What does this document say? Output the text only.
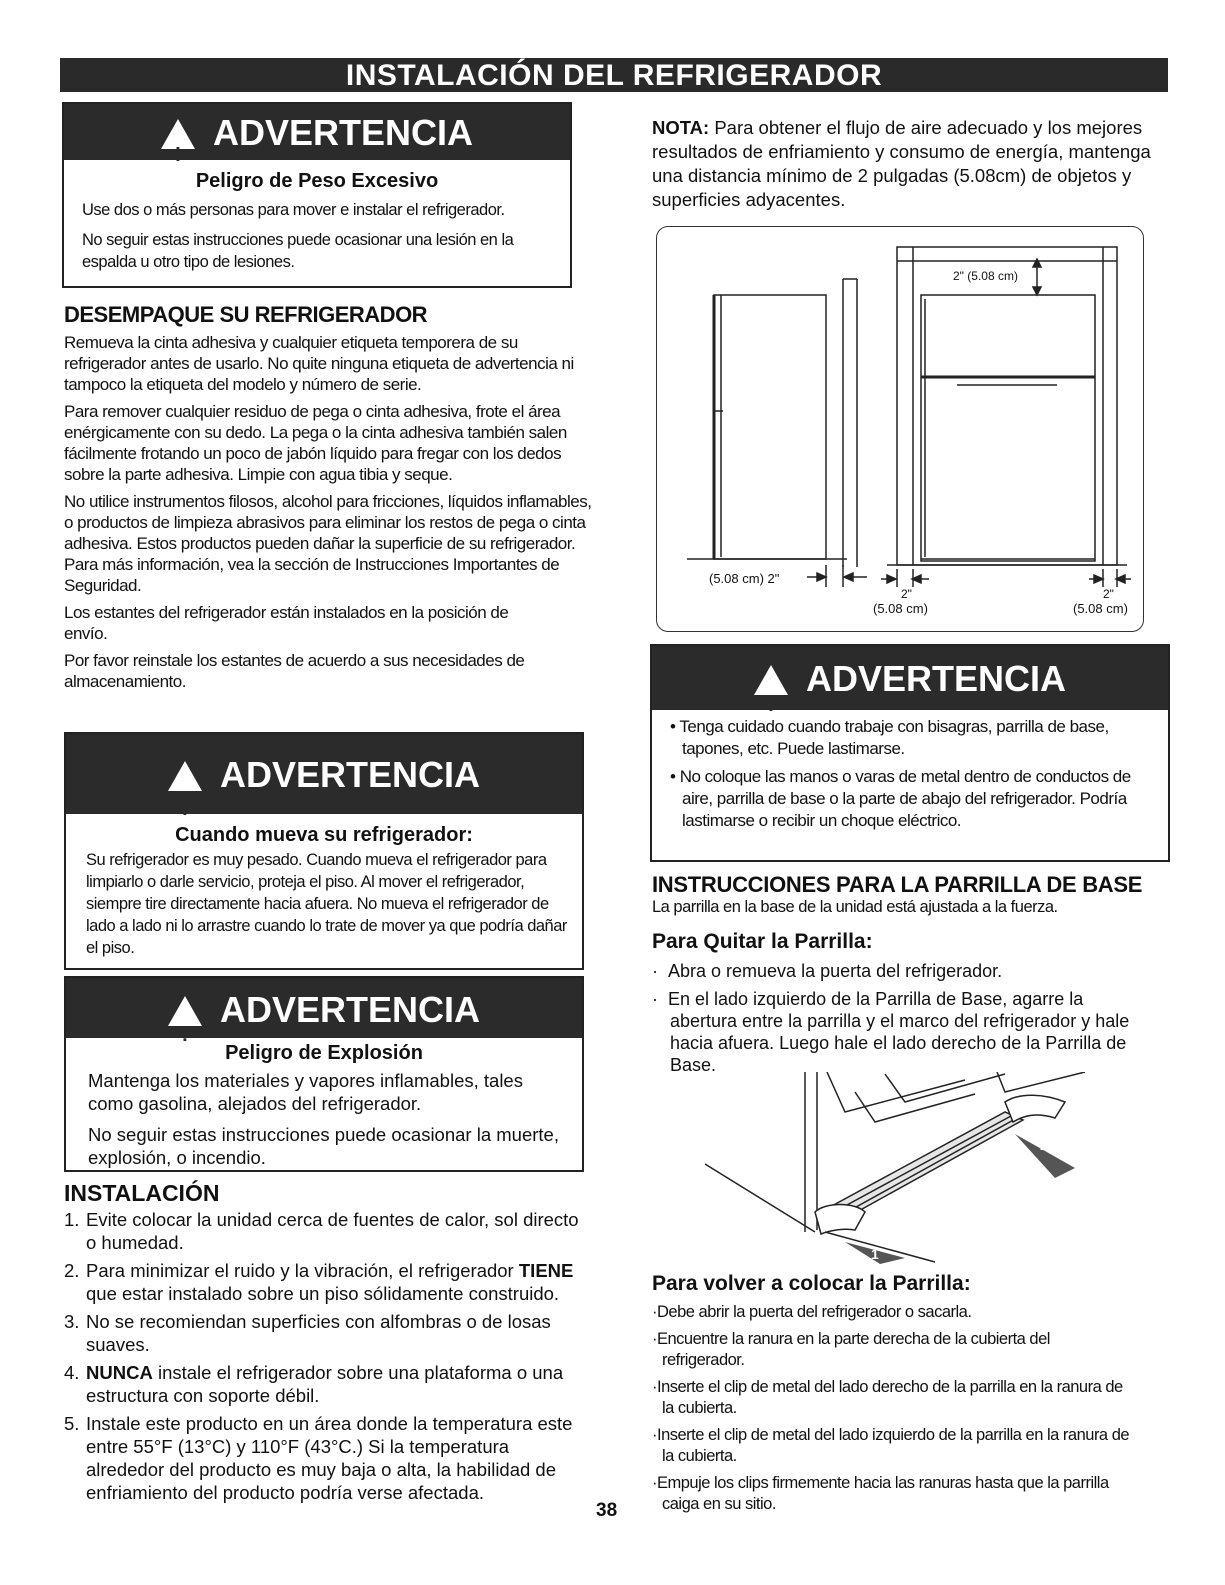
INSTALACIÓN DEL REFRIGERADOR
!
ADVERTENCIA
Peligro de Peso Excesivo

Use dos o más personas para mover e instalar el refrigerador.

No seguir estas instrucciones puede ocasionar una lesión en la espalda u otro tipo de lesiones.

DESEMPAQUE SU REFRIGERADOR

Remueva la cinta adhesiva y cualquier etiqueta temporera de su refrigerador antes de usarlo. No quite ninguna etiqueta de advertencia ni tampoco la etiqueta del modelo y número de serie.

Para remover cualquier residuo de pega o cinta adhesiva, frote el área enérgicamente con su dedo. La pega o la cinta adhesiva también salen fácilmente frotando un poco de jabón líquido para fregar con los dedos sobre la parte adhesiva. Limpie con agua tibia y seque.

No utilice instrumentos filosos, alcohol para fricciones, líquidos inflamables, o productos de limpieza abrasivos para eliminar los restos de pega o cinta adhesiva. Estos productos pueden dañar la superficie de su refrigerador. Para más información, vea la sección de Instrucciones Importantes de Seguridad.

Los estantes del refrigerador están instalados en la posición de envío.

Por favor reinstale los estantes de acuerdo a sus necesidades de almacenamiento.

!
ADVERTENCIA
Cuando mueva su refrigerador:

Su refrigerador es muy pesado. Cuando mueva el refrigerador para limpiarlo o darle servicio, proteja el piso. Al mover el refrigerador, siempre tire directamente hacia afuera. No mueva el refrigerador de lado a lado ni lo arrastre cuando lo trate de mover ya que podría dañar el piso.

!
ADVERTENCIA
Peligro de Explosión

Mantenga los materiales y vapores inflamables, tales como gasolina, alejados del refrigerador.

No seguir estas instrucciones puede ocasionar la muerte, explosión, o incendio.

INSTALACIÓN
1. Evite colocar la unidad cerca de fuentes de calor, sol directo o humedad.
2. Para minimizar el ruido y la vibración, el refrigerador TIENE que estar instalado sobre un piso sólidamente construido.
3. No se recomiendan superficies con alfombras o de losas suaves.
4. NUNCA instale el refrigerador sobre una plataforma o una estructura con soporte débil.
5. Instale este producto en un área donde la temperatura este entre 55°F (13°C) y 110°F (43°C.) Si la temperatura alrededor del producto es muy baja o alta, la habilidad de enfriamiento del producto podría verse afectada.
38
NOTA: Para obtener el flujo de aire adecuado y los mejores resultados de enfriamiento y consumo de energía, mantenga una distancia mínimo de 2 pulgadas (5.08cm) de objetos y superficies adyacentes.
2" (5.08 cm)
(5.08 cm) 2"
2"
(5.08 cm)
2"
(5.08 cm)
!
ADVERTENCIA

• Tenga cuidado cuando trabaje con bisagras, parrilla de base, tapones, etc. Puede lastimarse.

• No coloque las manos o varas de metal dentro de conductos de aire, parrilla de base o la parte de abajo del refrigerador. Podría lastimarse o recibir un choque eléctrico.

INSTRUCCIONES PARA LA PARRILLA DE BASE
La parrilla en la base de la unidad está ajustada a la fuerza.
Para Quitar la Parrilla:

·  Abra o remueva la puerta del refrigerador.

·  En el lado izquierdo de la Parrilla de Base, agarre la abertura entre la parrilla y el marco del refrigerador y hale hacia afuera. Luego hale el lado derecho de la Parrilla de Base.

2
1
Para volver a colocar la Parrilla:

·Debe abrir la puerta del refrigerador o sacarla.

·Encuentre la ranura en la parte derecha de la cubierta del refrigerador.

·Inserte el clip de metal del lado derecho de la parrilla en la ranura de la cubierta.

·Inserte el clip de metal del lado izquierdo de la parrilla en la ranura de la cubierta.

·Empuje los clips firmemente hacia las ranuras hasta que la parrilla caiga en su sitio.
